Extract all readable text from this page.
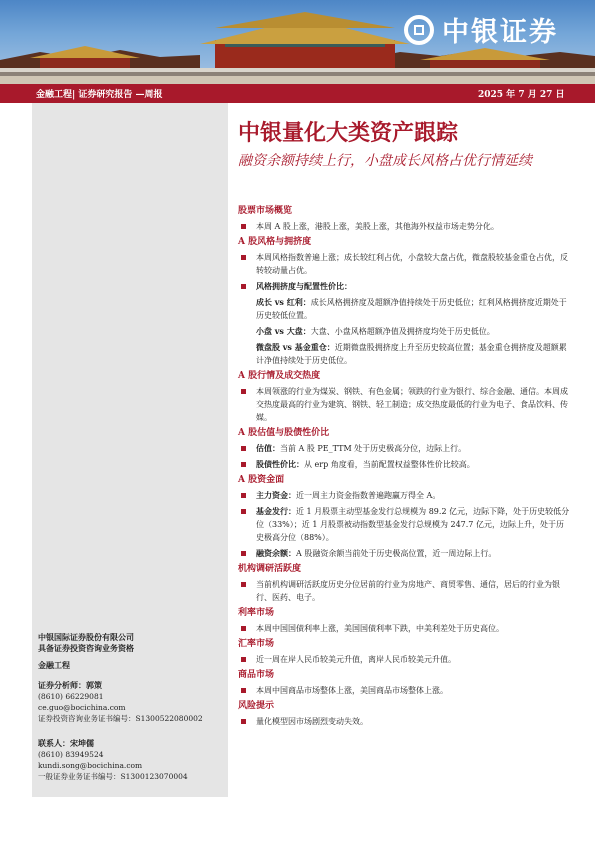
中银证券
金融工程| 证券研究报告 —周报	2025 年 7 月 27 日
中银国际证券股份有限公司
具备证券投资咨询业务资格
金融工程
证券分析师：郭策
(8610) 66229081
ce.guo@bocichina.com
证券投资咨询业务证书编号：S1300522080002
联系人：宋坤儒
(8610) 83949524
kundi.song@bocichina.com
一般证券业务证书编号：S1300123070004
中银量化大类资产跟踪
融资余额持续上行，小盘成长风格占优行情延续
股票市场概览
本周 A 股上涨，港股上涨，美股上涨，其他海外权益市场走势分化。
A 股风格与拥挤度
本周风格指数普遍上涨；成长较红利占优，小盘较大盘占优，微盘股较基金重仓占优，反转较动量占优。
风格拥挤度与配置性价比：
成长 vs 红利：成长风格拥挤度及超额净值持续处于历史低位；红利风格拥挤度近期处于历史较低位置。
小盘 vs 大盘：大盘、小盘风格超额净值及拥挤度均处于历史低位。
微盘股 vs 基金重仓：近期微盘股拥挤度上升至历史较高位置；基金重仓拥挤度及超额累计净值持续处于历史低位。
A 股行情及成交热度
本周领涨的行业为煤炭、钢铁、有色金属；领跌的行业为银行、综合金融、通信。本周成交热度最高的行业为建筑、钢铁、轻工制造；成交热度最低的行业为电子、食品饮料、传媒。
A 股估值与股债性价比
估值：当前 A 股 PE_TTM 处于历史极高分位，边际上行。
股债性价比：从 erp 角度看，当前配置权益整体性价比较高。
A 股资金面
主力资金：近一周主力资金指数普遍跑赢万得全 A。
基金发行：近 1 月股票主动型基金发行总规模为 89.2 亿元，边际下降，处于历史较低分位（33%）；近 1 月股票被动指数型基金发行总规模为 247.7 亿元，边际上升，处于历史极高分位（88%）。
融资余额：A 股融资余额当前处于历史极高位置，近一周边际上行。
机构调研活跃度
当前机构调研活跃度历史分位居前的行业为房地产、商贸零售、通信，居后的行业为银行、医药、电子。
利率市场
本周中国国债利率上涨，美国国债利率下跌，中美利差处于历史高位。
汇率市场
近一周在岸人民币较美元升值，离岸人民币较美元升值。
商品市场
本周中国商品市场整体上涨，美国商品市场整体上涨。
风险提示
量化模型因市场剧烈变动失效。
